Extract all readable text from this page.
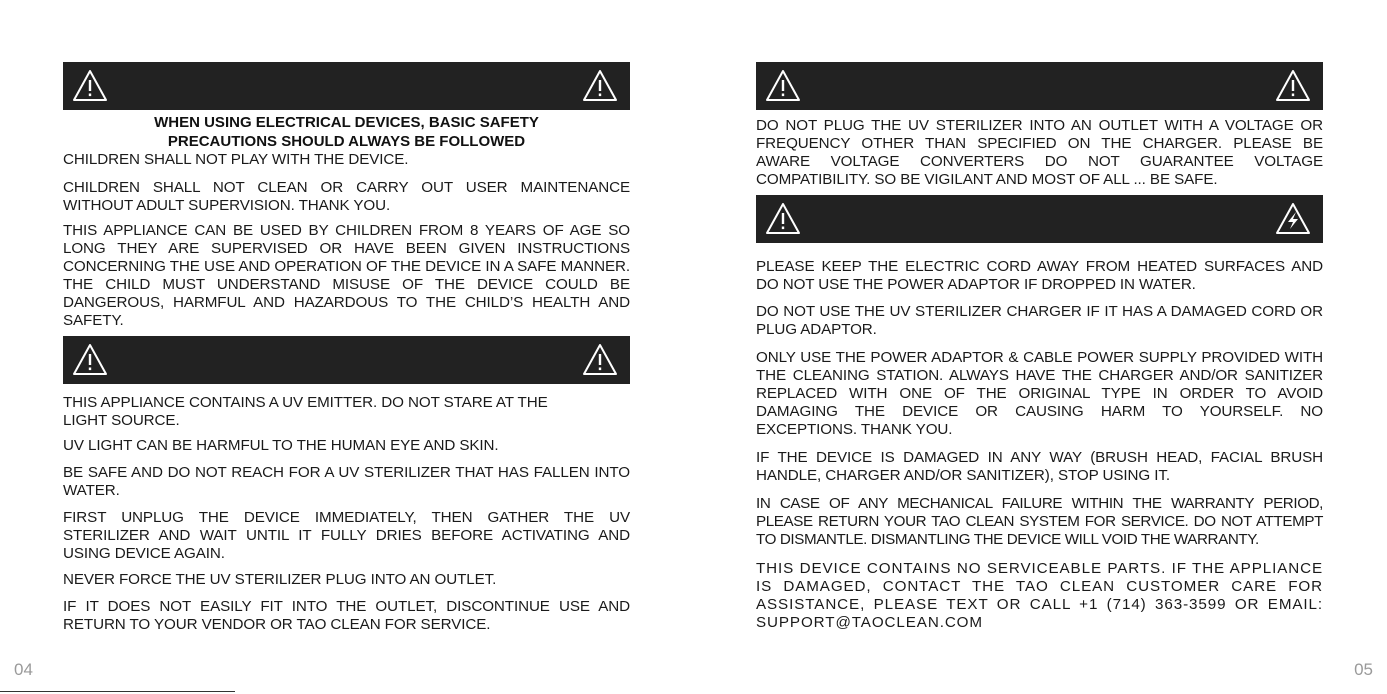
WHEN USING ELECTRICAL DEVICES, BASIC SAFETY
PRECAUTIONS SHOULD ALWAYS BE FOLLOWED
CHILDREN SHALL NOT PLAY WITH THE DEVICE.
CHILDREN SHALL NOT CLEAN OR CARRY OUT USER MAINTENANCE WITHOUT ADULT SUPERVISION. THANK YOU.
THIS APPLIANCE CAN BE USED BY CHILDREN FROM 8 YEARS OF AGE SO LONG THEY ARE SUPERVISED OR HAVE BEEN GIVEN INSTRUCTIONS CONCERNING THE USE AND OPERATION OF THE DEVICE IN A SAFE MANNER. THE CHILD MUST UNDERSTAND MISUSE OF THE DEVICE COULD BE DANGEROUS, HARMFUL AND HAZARDOUS TO THE CHILD’S HEALTH AND SAFETY.
THIS APPLIANCE CONTAINS A UV EMITTER. DO NOT STARE AT THE LIGHT SOURCE.
UV LIGHT CAN BE HARMFUL TO THE HUMAN EYE AND SKIN.
BE SAFE AND DO NOT REACH FOR A UV STERILIZER THAT HAS FALLEN INTO WATER.
FIRST UNPLUG THE DEVICE IMMEDIATELY, THEN GATHER THE UV STERILIZER AND WAIT UNTIL IT FULLY DRIES BEFORE ACTIVATING AND USING DEVICE AGAIN.
NEVER FORCE THE UV STERILIZER PLUG INTO AN OUTLET.
IF IT DOES NOT EASILY FIT INTO THE OUTLET, DISCONTINUE USE AND RETURN TO YOUR VENDOR OR TAO CLEAN FOR SERVICE.
04
DO NOT PLUG THE UV STERILIZER INTO AN OUTLET WITH A VOLTAGE OR FREQUENCY OTHER THAN SPECIFIED ON THE CHARGER. PLEASE BE AWARE VOLTAGE CONVERTERS DO NOT GUARANTEE VOLTAGE COMPATIBILITY. SO BE VIGILANT AND MOST OF ALL ... BE SAFE.
PLEASE KEEP THE ELECTRIC CORD AWAY FROM HEATED SURFACES AND DO NOT USE THE POWER ADAPTOR IF DROPPED IN WATER.
DO NOT USE THE UV STERILIZER CHARGER IF IT HAS A DAMAGED CORD OR PLUG ADAPTOR.
ONLY USE THE POWER ADAPTOR & CABLE POWER SUPPLY PROVIDED WITH THE CLEANING STATION. ALWAYS HAVE THE CHARGER AND/OR SANITIZER REPLACED WITH ONE OF THE ORIGINAL TYPE IN ORDER TO AVOID DAMAGING THE DEVICE OR CAUSING HARM TO YOURSELF. NO EXCEPTIONS. THANK YOU.
IF THE DEVICE IS DAMAGED IN ANY WAY (BRUSH HEAD, FACIAL BRUSH HANDLE, CHARGER AND/OR SANITIZER), STOP USING IT.
IN CASE OF ANY MECHANICAL FAILURE WITHIN THE WARRANTY PERIOD, PLEASE RETURN YOUR TAO CLEAN SYSTEM FOR SERVICE. DO NOT ATTEMPT TO DISMANTLE. DISMANTLING THE DEVICE WILL VOID THE WARRANTY.
THIS DEVICE CONTAINS NO SERVICEABLE PARTS. IF THE APPLIANCE IS DAMAGED, CONTACT THE TAO CLEAN CUSTOMER CARE FOR ASSISTANCE, PLEASE TEXT OR CALL +1 (714) 363-3599 OR EMAIL: SUPPORT@TAOCLEAN.COM
05
